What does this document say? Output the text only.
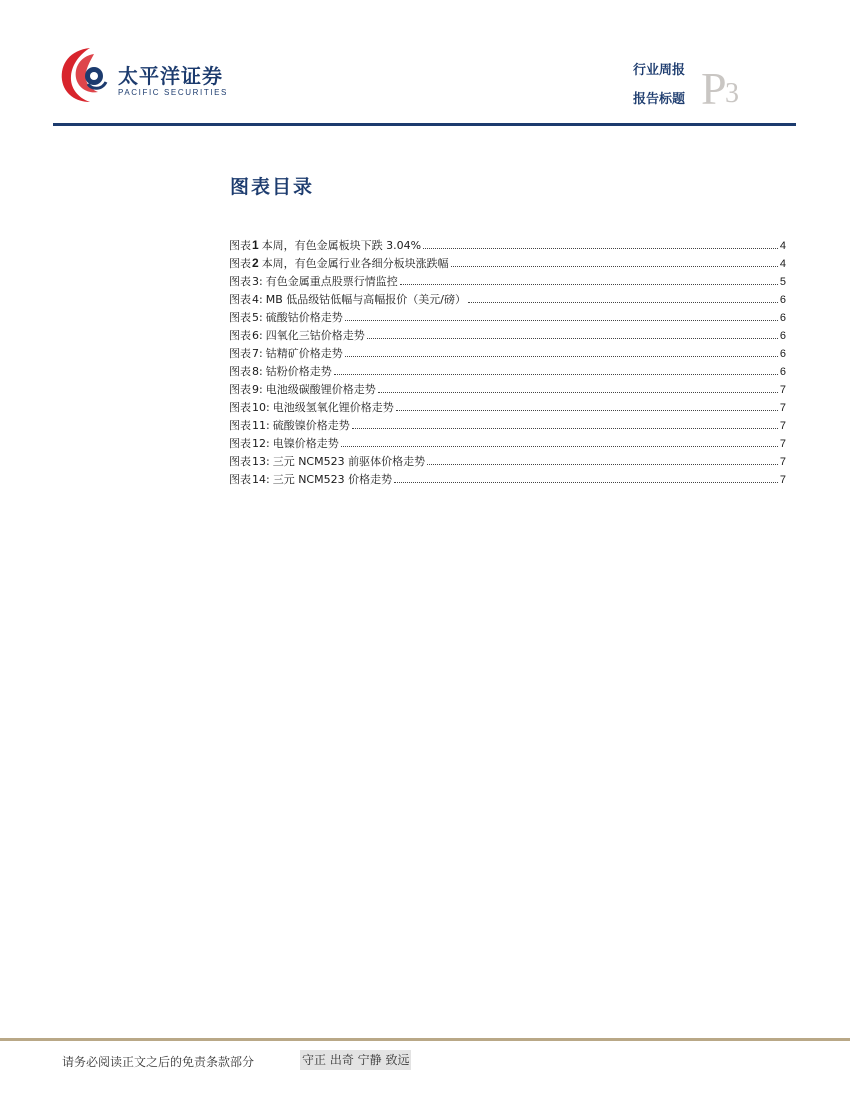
太平洋证券
PACIFIC SECURITIES
行业周报
报告标题 P
3
图表目录
图表1 本周，有色金属板块下跌 3.04%	4
图表2 本周，有色金属行业各细分板块涨跌幅	4
图表3: 有色金属重点股票行情监控	5
图表4: MB 低品级钴低幅与高幅报价（美元/磅）	6
图表5: 硫酸钴价格走势	6
图表6: 四氧化三钴价格走势	6
图表7: 钴精矿价格走势	6
图表8: 钴粉价格走势	6
图表9: 电池级碳酸锂价格走势	7
图表10: 电池级氢氧化锂价格走势	7
图表11: 硫酸镍价格走势	7
图表12: 电镍价格走势	7
图表13: 三元 NCM523 前驱体价格走势	7
图表14: 三元 NCM523 价格走势	7
请务必阅读正文之后的免责条款部分	守正 出奇 宁静 致远
